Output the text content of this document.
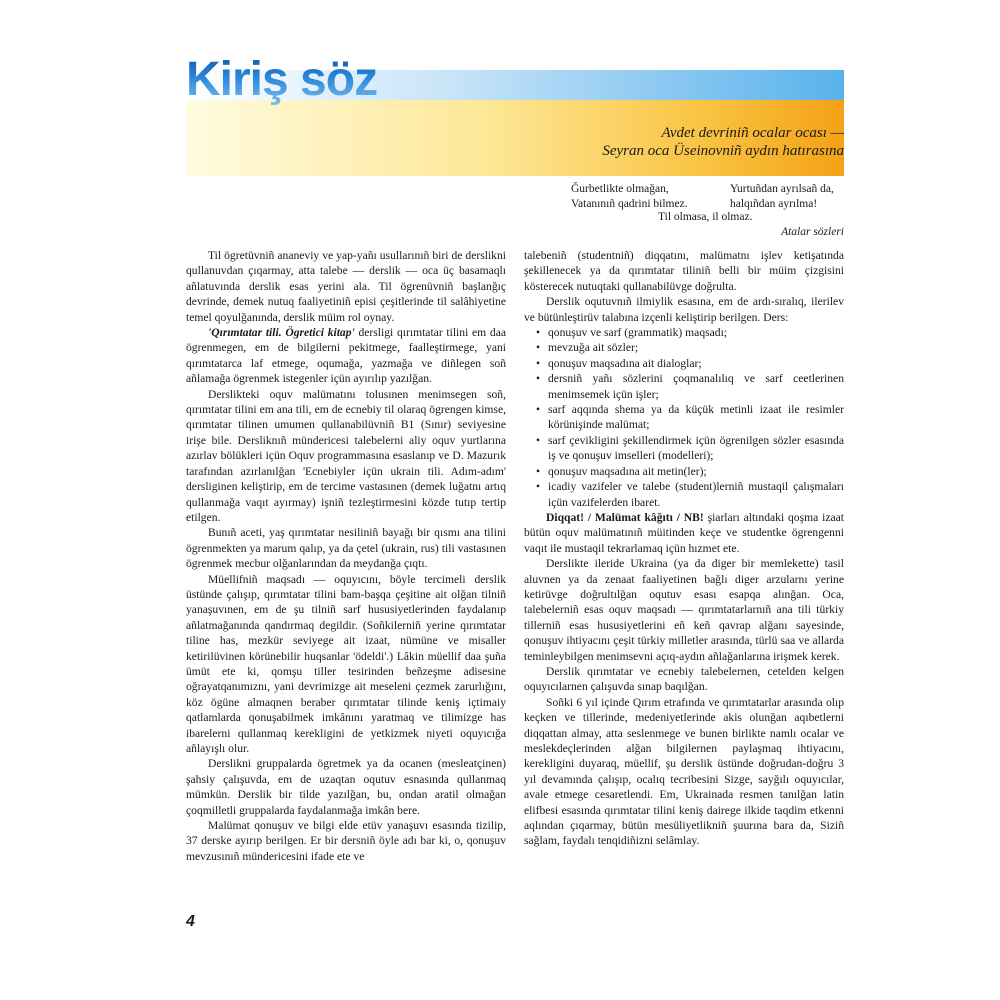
Kiriş söz
Avdet devriniñ ocalar ocası —
Seyran oca Üseinovniñ aydın hatırasına
Ğurbetlikte olmağan,
Vatanınıñ qadrini bilmez.
Yurtuñdan ayrılsañ da,
halqıñdan ayrılma!
Til olmasa, il olmaz.
Atalar sözleri

Til ögretüvniñ ananeviy ve yap-yañı usullarınıñ biri de derslikni qullanuvdan çıqarmay, atta talebe — derslik — oca üç basamaqlı añlatuvında derslik esas yerini ala. Til ögrenüvniñ başlanğıç devrinde, demek nutuq faaliyetiniñ episi çeşitlerinde til salâhiyetine temel qoyulğanında, derslik müim rol oynay.

'Qırımtatar tili. Ögretici kitap' dersligi qırımtatar tilini em daa ögrenmegen, em de bilgilerni pekitmege, faalleştirmege, yani qırımtatarca laf etmege, oqumağa, yazmağa ve diñlegen soñ añlamağa ögrenmek istegenler içün ayırılıp yazılğan.

Derslikteki oquv malümatını tolusınen menimsegen soñ, qırımtatar tilini em ana tili, em de ecnebiy til olaraq ögrengen kimse, qırımtatar tilinen umumen qullanabilüvniñ B1 (Sınır) seviyesine irişe bile. Dersliknıñ mündericesi talebelerni aliy oquv yurtlarına azırlav bölükleri içün Oquv programmasına esaslanıp ve D. Mazurık tarafından azırlanılğan 'Ecnebiyler içün ukrain tili. Adım-adım' dersliginen keliştirip, em de tercime vastasınen (demek luğatnı artıq qullanmağa vaqıt ayırmay) işniñ tezleştirmesini közde tutıp tertip etilgen.

Bunıñ aceti, yaş qırımtatar nesiliniñ bayağı bir qısmı ana tilini ögrenmekten ya marum qalıp, ya da çetel (ukrain, rus) tili vastasınen ögrenmek mecbur olğanlarından da meydanğa çıqtı.

Müellifniñ maqsadı — oquyıcını, böyle tercimeli derslik üstünde çalışıp, qırımtatar tilini bam-başqa çeşitine ait olğan tilniñ yanaşuvınen, em de şu tilniñ sarf hususiyetlerinden faydalanıp añlatmağanında qandırmaq degildir. (Soñkilerniñ yerine qırımtatar tiline has, mezkür seviyege ait izaat, nümüne ve misaller ketirilüvinen körünebilir huqsanlar 'ödeldi'.) Lâkin müellif daa şuña ümüt ete ki, qomşu tiller tesirinden beñzeşme adisesine oğrayatqanımıznı, yani devrimizge ait meseleni çezmek zarurlığını, köz ögüne almaqnen beraber qırımtatar tilinde keniş içtimaiy qatlamlarda qonuşabilmek imkânını yaratmaq ve tilimizge has ibarelerni qullanmaq kerekligini de yetkizmek niyeti oquyıcığa añlayışlı olur.

Derslikni gruppalarda ögretmek ya da ocanen (mesleatçinen) şahsiy çalışuvda, em de uzaqtan oqutuv esnasında qullanmaq mümkün. Derslik bir tilde yazılğan, bu, ondan aratil olmağan çoqmilletli gruppalarda faydalanmağa imkân bere.

Malümat qonuşuv ve bilgi elde etüv yanaşuvı esasında tizilip, 37 derske ayırıp berilgen. Er bir dersniñ öyle adı bar ki, o, qonuşuv mevzusınıñ mündericesini ifade ete ve

talebeniñ (studentniñ) diqqatını, malümatnı işlev ketişatında şekillenecek ya da qırımtatar tiliniñ belli bir müim çizgisini kösterecek nutuqtaki qullanabilüvge doğrulta.

Derslik oqutuvnıñ ilmiylik esasına, em de ardı-sıralıq, ilerilev ve bütünleştirüv talabına izçenli keliştirip berilgen. Ders:

• qonuşuv ve sarf (grammatik) maqsadı;
• mevzuğa ait sözler;
• qonuşuv maqsadına ait dialoglar;
• dersniñ yañı sözlerini çoqmanalılıq ve sarf ceetlerinen menimsemek içün işler;
• sarf aqqında shema ya da küçük metinli izaat ile resimler körünişinde malümat;
• sarf çevikligini şekillendirmek içün ögrenilgen sözler esasında iş ve qonuşuv imselleri (modelleri);
• qonuşuv maqsadına ait metin(ler);
• icadiy vazifeler ve talebe (student)lerniñ mustaqil çalışmaları içün vazifelerden ibaret.

Diqqat! / Malümat kâğıtı / NB! şiarları altındaki qoşma izaat bütün oquv malümatınıñ müitinden keçe ve studentke ögrengenni vaqıt ile mustaqil tekrarlamaq içün hızmet ete.

Derslikte ileride Ukraina (ya da diger bir memlekette) tasil aluvnen ya da zenaat faaliyetinen bağlı diger arzularnı yerine ketirüvge doğrultılğan oqutuv esası esapqa alınğan. Oca, talebelerniñ esas oquv maqsadı — qırımtatarlarnıñ ana tili türkiy tillerniñ esas hususiyetlerini eñ keñ qavrap alğanı sayesinde, qonuşuv ihtiyacını çeşit türkiy milletler arasında, türlü saa ve allarda teminleybilgen menimsevni açıq-aydın añlağanlarına irişmek kerek.

Derslik qırımtatar ve ecnebiy talebelernen, cetelden kelgen oquyıcılarnen çalışuvda sınap baqılğan.

Soñki 6 yıl içinde Qırım etrafında ve qırımtatarlar arasında olıp keçken ve tillerinde, medeniyetlerinde akis olunğan aqıbetlerni diqqattan almay, atta seslenmege ve bunen birlikte namlı ocalar ve meslekdeçlerinden alğan bilgilernen paylaşmaq ihtiyacını, kerekligini duyaraq, müellif, şu derslik üstünde doğrudan-doğru 3 yıl devamında çalışıp, ocalıq tecribesini Sizge, sayğılı oquyıcılar, avale etmege cesaretlendi. Em, Ukrainada resmen tanılğan latin elifbesi esasında qırımtatar tilini keniş dairege ilkide taqdim etkenni aqlından çıqarmay, bütün mesüliyetlikniñ şuurına bara da, Siziñ sağlam, faydalı tenqidiñizni selâmlay.

4
